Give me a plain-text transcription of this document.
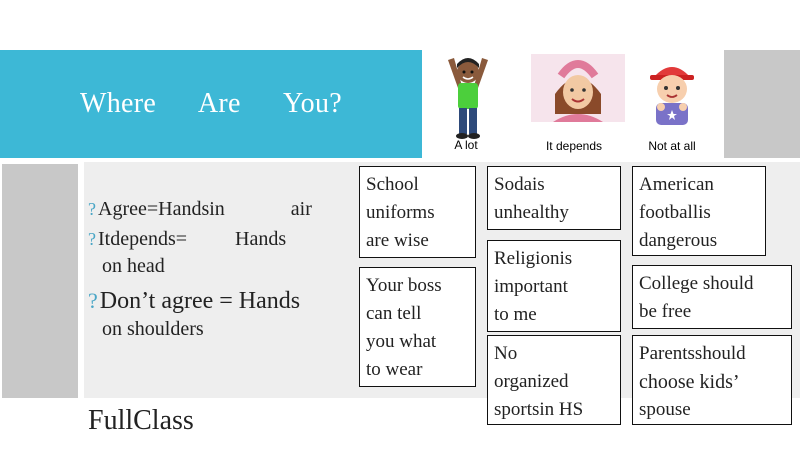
Where Are You?
A lot	It depends	Not at all
? Agree=Handsin	air
? Itdepends= Hands
on head
?Don’t agree = Hands
on shoulders
School
uniforms
are wise
Your boss
can tell
you what
to wear
Sodais
unhealthy
Religionis
important
to me
No
organized
sportsin HS
American
footballis
dangerous
College should
be free
Parentsshould
choose kids’
spouse
FullClass
